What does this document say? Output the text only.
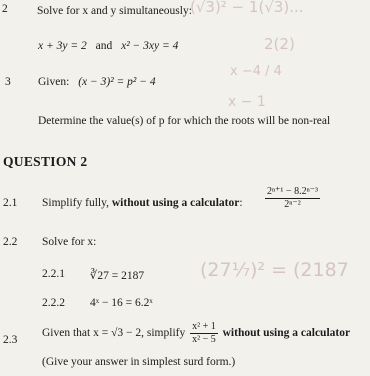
(√3)² − 1(√3)...
2(2)
x −4 / 4
x − 1
(27⅟₇)² = (2187
2	Solve for x and y simultaneously:
x + 3y = 2 and x² − 3xy = 4
3 Given: (x − 3)² = p² − 4
Determine the value(s) of p for which the roots will be non-real
QUESTION 2
2.1 Simplify fully, without using a calculator: $\frac{\text{2ⁿ⁺¹ − 8.2ⁿ⁻³}}{\text{2ⁿ⁻²}}$
2.2 Solve for x:
2.2.1 ∛27 = 2187
2.2.2 4ˣ − 16 = 6.2ˣ
2.3
Given that x = √3 − 2, simplify $\frac{\text{x² + 1}}{\text{x² − 5}}$ without using a calculator
(Give your answer in simplest surd form.)
